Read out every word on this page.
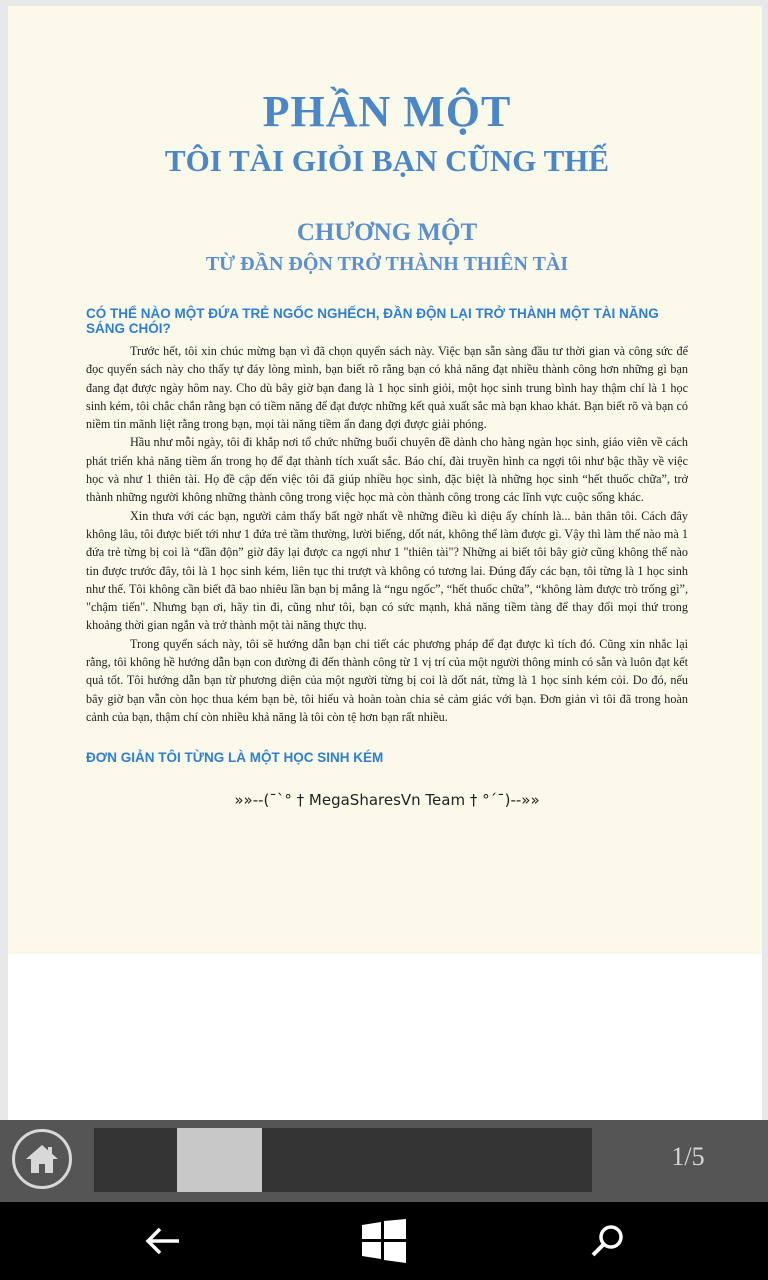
PHẦN MỘT
TÔI TÀI GIỎI BẠN CŨNG THẾ
CHƯƠNG MỘT
TỪ ĐẦN ĐỘN TRỞ THÀNH THIÊN TÀI
CÓ THỂ NÀO MỘT ĐỨA TRẺ NGỐC NGHẾCH, ĐẦN ĐỘN LẠI TRỞ THÀNH MỘT TÀI NĂNG SÁNG CHÓI?

Trước hết, tôi xin chúc mừng bạn vì đã chọn quyển sách này. Việc bạn sẵn sàng đầu tư thời gian và công sức để đọc quyển sách này cho thấy tự đáy lòng mình, bạn biết rõ rằng bạn có khả năng đạt nhiều thành công hơn những gì bạn đang đạt được ngày hôm nay. Cho dù bây giờ bạn đang là 1 học sinh giỏi, một học sinh trung bình hay thậm chí là 1 học sinh kém, tôi chắc chắn rằng bạn có tiềm năng để đạt được những kết quả xuất sắc mà bạn khao khát. Bạn biết rõ và bạn có niềm tin mãnh liệt rằng trong bạn, mọi tài năng tiềm ẩn đang đợi được giải phóng.

Hầu như mỗi ngày, tôi đi khắp nơi tổ chức những buổi chuyên đề dành cho hàng ngàn học sinh, giáo viên về cách phát triển khả năng tiềm ẩn trong họ để đạt thành tích xuất sắc. Báo chí, đài truyền hình ca ngợi tôi như bậc thầy về việc học và như 1 thiên tài. Họ đề cập đến việc tôi đã giúp nhiều học sinh, đặc biệt là những học sinh “hết thuốc chữa”, trở thành những người không những thành công trong việc học mà còn thành công trong các lĩnh vực cuộc sống khác.

Xin thưa với các bạn, người cảm thấy bất ngờ nhất về những điều kì diệu ấy chính là... bản thân tôi. Cách đây không lâu, tôi được biết tới như 1 đứa trẻ tầm thường, lười biếng, dốt nát, không thể làm được gì. Vậy thì làm thế nào mà 1 đứa trẻ từng bị coi là “đần độn” giờ đây lại được ca ngợi như 1 "thiên tài"? Những ai biết tôi bây giờ cũng không thể nào tin được trước đây, tôi là 1 học sinh kém, liên tục thi trượt và không có tương lai. Đúng đấy các bạn, tôi từng là 1 học sinh như thế. Tôi không cần biết đã bao nhiêu lần bạn bị mắng là “ngu ngốc”, “hết thuốc chữa”, “không làm được trò trống gì”, "chậm tiến". Nhưng bạn ơi, hãy tin đi, cũng như tôi, bạn có sức mạnh, khả năng tiềm tàng để thay đổi mọi thứ trong khoảng thời gian ngắn và trở thành một tài năng thực thụ.

Trong quyển sách này, tôi sẽ hướng dẫn bạn chi tiết các phương pháp để đạt được kì tích đó. Cũng xin nhắc lại rằng, tôi không hề hướng dẫn bạn con đường đi đến thành công từ 1 vị trí của một người thông minh có sẵn và luôn đạt kết quả tốt. Tôi hướng dẫn bạn từ phương diện của một người từng bị coi là dốt nát, từng là 1 học sinh kém cỏi. Do đó, nếu bây giờ bạn vẫn còn học thua kém bạn bè, tôi hiểu và hoàn toàn chia sẻ cảm giác với bạn. Đơn giản vì tôi đã trong hoàn cảnh của bạn, thậm chí còn nhiều khả năng là tôi còn tệ hơn bạn rất nhiều.

ĐƠN GIẢN TÔI TỪNG LÀ MỘT HỌC SINH KÉM
»»--(¯`° † MegaSharesVn Team † °´¯)--»»
1/5
